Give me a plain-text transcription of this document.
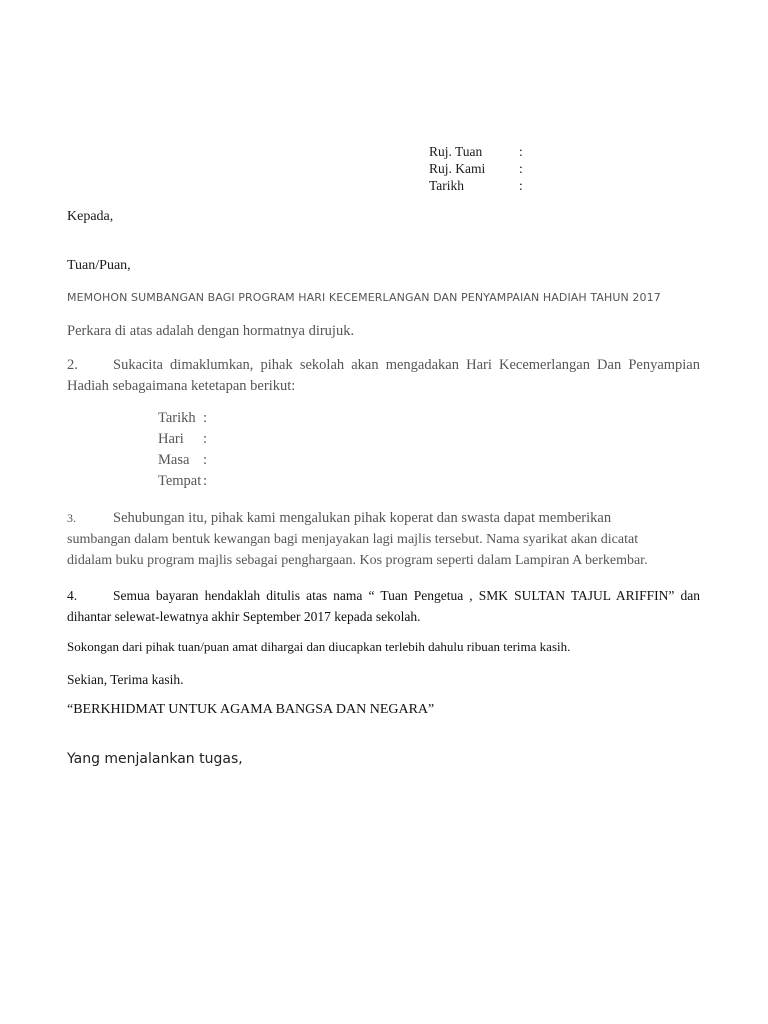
Ruj. Tuan	:
Ruj. Kami	:
Tarikh	:
Kepada,
Tuan/Puan,
MEMOHON SUMBANGAN BAGI PROGRAM HARI KECEMERLANGAN DAN PENYAMPAIAN HADIAH TAHUN 2017
Perkara di atas adalah dengan hormatnya dirujuk.
2.	Sukacita dimaklumkan, pihak sekolah akan mengadakan Hari Kecemerlangan Dan Penyampian
Hadiah sebagaimana ketetapan berikut:
Tarikh :
Hari :
Masa :
Tempat :
3.	Sehubungan itu, pihak kami mengalukan pihak koperat dan swasta dapat memberikan
sumbangan dalam bentuk kewangan bagi menjayakan lagi majlis tersebut. Nama syarikat akan dicatat
didalam buku program majlis sebagai penghargaan. Kos program seperti dalam Lampiran A berkembar.
4.	Semua bayaran hendaklah ditulis atas nama “ Tuan Pengetua , SMK SULTAN TAJUL ARIFFIN” dan
dihantar selewat-lewatnya akhir September 2017 kepada sekolah.
Sokongan dari pihak tuan/puan amat dihargai dan diucapkan terlebih dahulu ribuan terima kasih.
Sekian, Terima kasih.
“BERKHIDMAT UNTUK AGAMA BANGSA DAN NEGARA”
Yang menjalankan tugas,
